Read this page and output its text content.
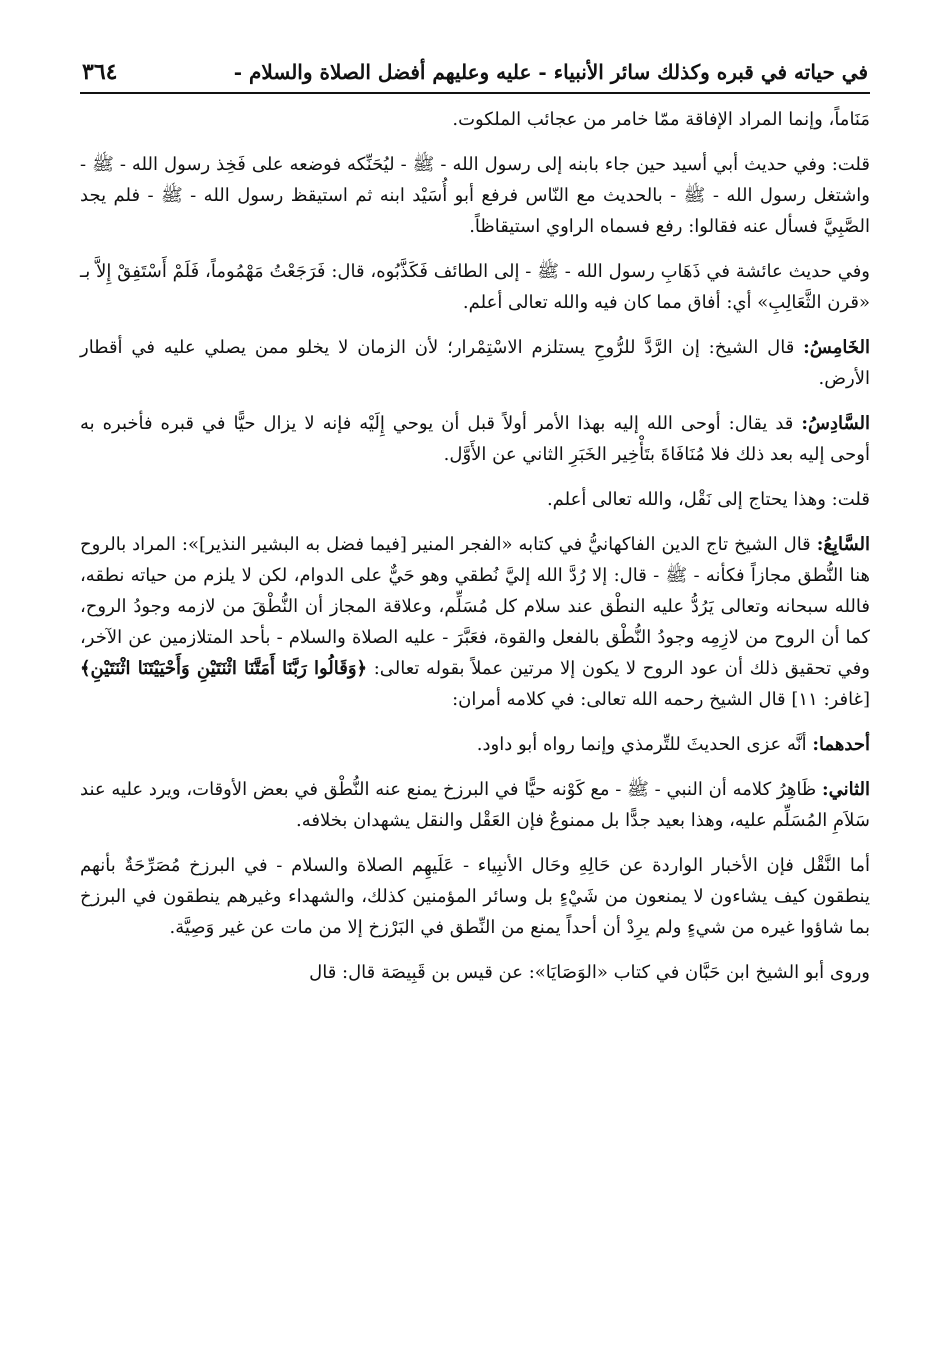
في حياته في قبره وكذلك سائر الأنبياء - عليه وعليهم أفضل الصلاة والسلام -
٣٦٤

مَنَاماً، وإنما المراد الإفاقة ممّا خامر من عجائب الملكوت.

قلت: وفي حديث أبي أسيد حين جاء بابنه إلى رسول الله - ﷺ - ليُحَنِّكه فوضعه على فَخِذ رسول الله - ﷺ - واشتغل رسول الله - ﷺ - بالحديث مع النّاس فرفع أبو أُسَيْد ابنه ثم استيقظ رسول الله - ﷺ - فلم يجد الصَّبِيَّ فسأل عنه فقالوا: رفع فسماه الراوي استيقاظاً.

وفي حديث عائشة في ذَهَابِ رسول الله - ﷺ - إلى الطائف فَكَذَّبُوه، قال: فَرَجَعْتُ مَهْمُوماً، فَلَمْ أَسْتَفِقْ إِلاَّ بـ «قرن الثَّعَالِبِ» أي: أفاق مما كان فيه والله تعالى أعلم.

الخَامِسُ: قال الشيخ: إن الرَّدَّ للرُّوحِ يستلزم الاسْتِمْرار؛ لأن الزمان لا يخلو ممن يصلي عليه في أقطار الأرض.

السَّادِسُ: قد يقال: أوحى الله إليه بهذا الأمر أولاً قبل أن يوحي إِلَيْه فإنه لا يزال حيًّا في قبره فأخبره به أوحى إليه بعد ذلك فلا مُنَافَاةَ بتَأْخِير الخَبَرِ الثاني عن الأَوَّل.

قلت: وهذا يحتاج إلى نَقْل، والله تعالى أعلم.

السَّابِعُ: قال الشيخ تاج الدين الفاكهانيُّ في كتابه «الفجر المنير [فيما فضل به البشير النذير]»: المراد بالروح هنا النُّطق مجازاً فكأنه - ﷺ - قال: إلا رُدَّ الله إليَّ نُطقي وهو حَيٌّ على الدوام، لكن لا يلزم من حياته نطقه، فالله سبحانه وتعالى يَرُدُّ عليه النطْق عند سلام كل مُسَلِّم، وعلاقة المجاز أن النُّطْقَ من لازمه وجودُ الروح، كما أن الروح من لازِمِه وجودُ النُّطْق بالفعل والقوة، فعَبَّرَ - عليه الصلاة والسلام - بأحد المتلازمين عن الآخر، وفي تحقيق ذلك أن عود الروح لا يكون إلا مرتين عملاً بقوله تعالى: ﴿وَقَالُوا رَبَّنَا أَمَتَّنَا اثْنَتَيْنِ وَأَحْيَيْتَنَا اثْنَتَيْنِ﴾ [غافر: ١١] قال الشيخ رحمه الله تعالى: في كلامه أمران:

أحدهما: أنَّه عزى الحديثَ للتِّرمذي وإنما رواه أبو داود.

الثاني: ظَاهِرُ كلامه أن النبي - ﷺ - مع كَوْنه حيًّا في البرزخ يمنع عنه النُّطْق في بعض الأوقات، ويرد عليه عند سَلاَمِ المُسَلِّم عليه، وهذا بعيد جدًّا بل ممنوعٌ فإن العَقْل والنقل يشهدان بخلافه.

أما النَّقْل فإن الأخبار الواردة عن حَالِهِ وحَال الأنبِياء - عَلَيهِم الصلاة والسلام - في البرزخ مُصَرِّحَةٌ بأنهم ينطقون كيف يشاءون لا يمنعون من شَيْءٍ بل وسائر المؤمنين كذلك، والشهداء وغيرهم ينطقون في البرزخ بما شاؤوا غيره من شيءٍ ولم يرِدْ أن أحداً يمنع من النِّطق في البَرْزخ إلا من مات عن غير وَصِيَّة.

وروى أبو الشيخ ابن حَبَّان في كتاب «الوَصَايَا»: عن قيس بن قَبِيصَة قال: قال
